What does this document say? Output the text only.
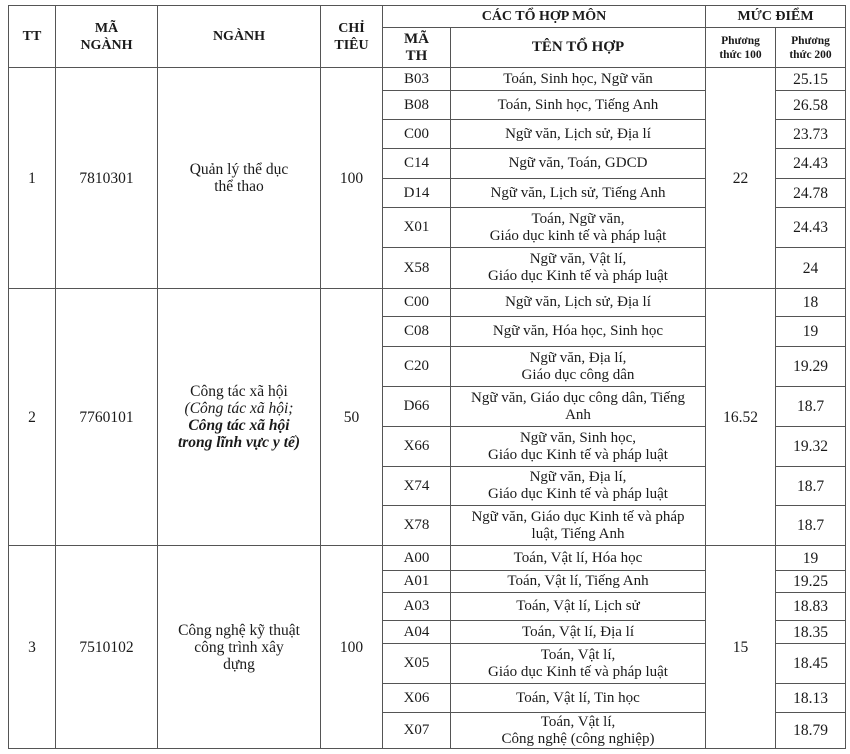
TT	MÃ NGÀNH	NGÀNH	CHỈ TIÊU	CÁC TỔ HỢP MÔN		MỨC ĐIỂM	
				MÃ TH	TÊN TỔ HỢP	Phương thức 100	Phương thức 200
1	7810301	Quản lý thể dục thể thao	100	B03	Toán, Sinh học, Ngữ văn	22	25.15
				B08	Toán, Sinh học, Tiếng Anh		26.58
				C00	Ngữ văn, Lịch sử, Địa lí		23.73
				C14	Ngữ văn, Toán, GDCD		24.43
				D14	Ngữ văn, Lịch sử, Tiếng Anh		24.78
				X01	Toán, Ngữ văn,
Giáo dục kinh tế và pháp luật		24.43
				X58	Ngữ văn, Vật lí,
Giáo dục Kinh tế và pháp luật		24
2	7760101	Công tác xã hội
(Công tác xã hội;
Công tác xã hội trong lĩnh vực y tế)	50	C00	Ngữ văn, Lịch sử, Địa lí	16.52	18
				C08	Ngữ văn, Hóa học, Sinh học		19
				C20	Ngữ văn, Địa lí,
Giáo dục công dân		19.29
				D66	Ngữ văn, Giáo dục công dân, Tiếng
Anh		18.7
				X66	Ngữ văn, Sinh học,
Giáo dục Kinh tế và pháp luật		19.32
				X74	Ngữ văn, Địa lí,
Giáo dục Kinh tế và pháp luật		18.7
				X78	Ngữ văn, Giáo dục Kinh tế và pháp
luật, Tiếng Anh		18.7
3	7510102	Công nghệ kỹ thuật công trình xây dựng	100	A00	Toán, Vật lí, Hóa học	15	19
				A01	Toán, Vật lí, Tiếng Anh		19.25
				A03	Toán, Vật lí, Lịch sử		18.83
				A04	Toán, Vật lí, Địa lí		18.35
				X05	Toán, Vật lí,
Giáo dục Kinh tế và pháp luật		18.45
				X06	Toán, Vật lí, Tin học		18.13
				X07	Toán, Vật lí,
Công nghệ (công nghiệp)		18.79
